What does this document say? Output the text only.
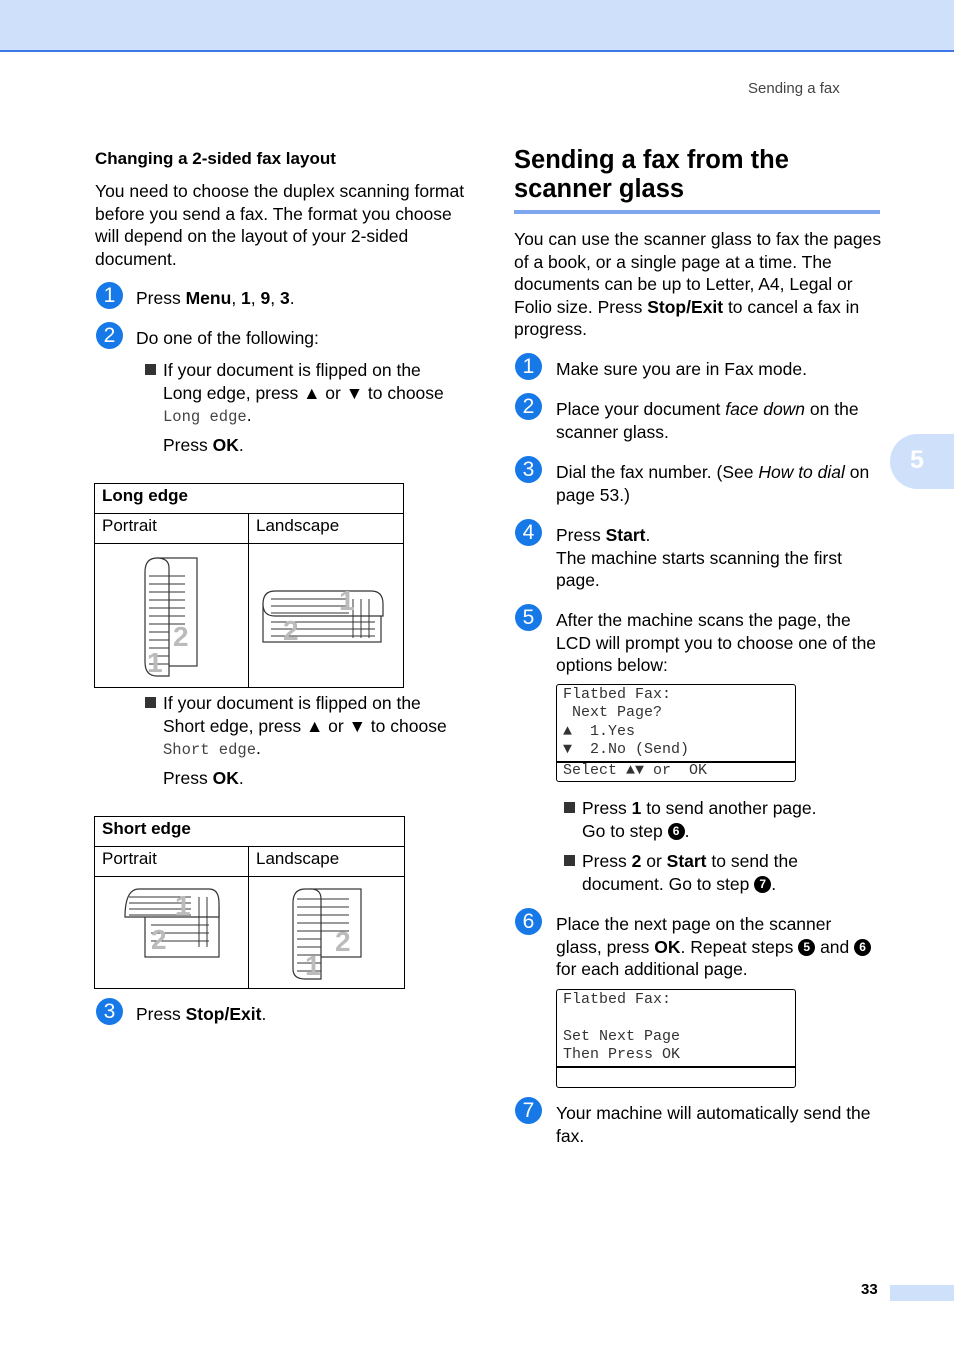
Sending a fax
5
Changing a 2-sided fax layout
You need to choose the duplex scanning format before you send a fax. The format you choose will depend on the layout of your 2-sided document.
1	Press Menu, 1, 9, 3.
2	Do one of the following:
If your document is flipped on the Long edge, press ▲ or ▼ to choose
Long edge.
Press OK.
Long edge	
Portrait	Landscape

2
1	1
2
If your document is flipped on the Short edge, press ▲ or ▼ to choose
Short edge.
Press OK.
Short edge	
Portrait	Landscape

1
2	2
1
3	Press Stop/Exit.
Sending a fax from the
scanner glass
You can use the scanner glass to fax the pages of a book, or a single page at a time. The documents can be up to Letter, A4, Legal or Folio size. Press Stop/Exit to cancel a fax in progress.
1	Make sure you are in Fax mode.
2	Place your document face down on the scanner glass.
3	Dial the fax number. (See How to dial on page 53.)
4	Press Start.
The machine starts scanning the first page.
5	After the machine scans the page, the LCD will prompt you to choose one of the options below:
Flatbed Fax:
Next Page?
▲  1.Yes
▼  2.No (Send)
Select ▲▼ or  OK
Press 1 to send another page.
Go to step 6 .
Press 2 or Start to send the
document. Go to step 7 .
6	Place the next page on the scanner glass, press OK. Repeat steps 5 and 6 for each additional page.
Flatbed Fax:
Set Next Page
Then Press OK
7	Your machine will automatically send the fax.
33
